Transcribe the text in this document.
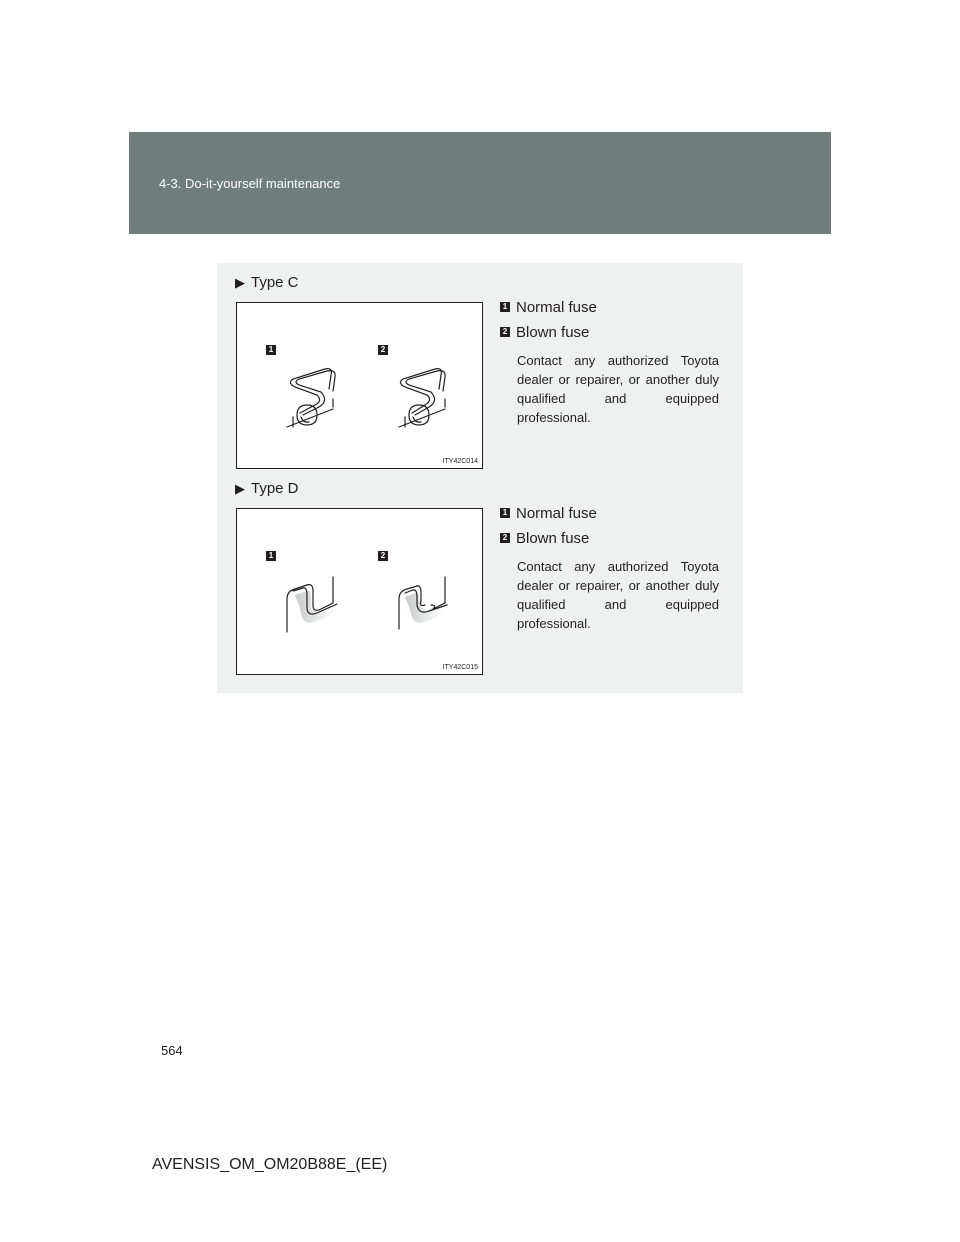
4-3. Do-it-yourself maintenance
▶ Type C
1	2
ITY42C014
1 Normal fuse
2 Blown fuse
Contact any authorized Toyota dealer or repairer, or another duly qualified and equipped professional.
▶ Type D
1	2
ITY42C015
1 Normal fuse
2 Blown fuse
Contact any authorized Toyota dealer or repairer, or another duly qualified and equipped professional.
564
AVENSIS_OM_OM20B88E_(EE)
